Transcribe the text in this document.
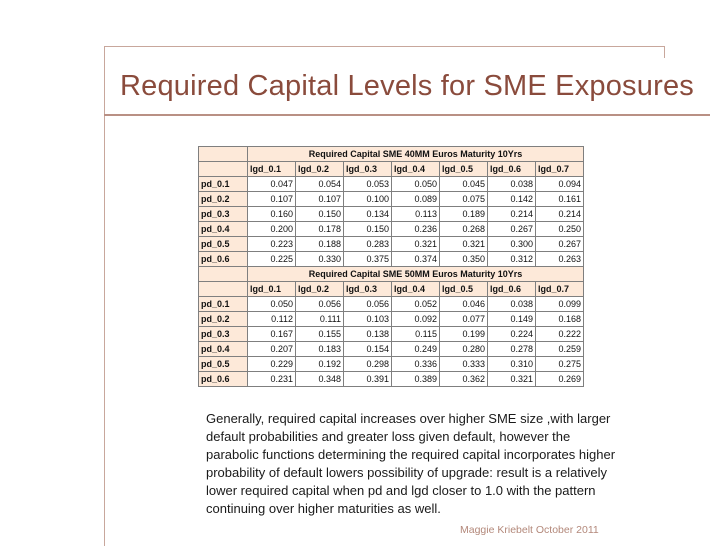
Required Capital Levels for SME Exposures
	Required Capital SME 40MM Euros Maturity 10Yrs						
	lgd_0.1	lgd_0.2	lgd_0.3	lgd_0.4	lgd_0.5	lgd_0.6	lgd_0.7
pd_0.1	0.047	0.054	0.053	0.050	0.045	0.038	0.094
pd_0.2	0.107	0.107	0.100	0.089	0.075	0.142	0.161
pd_0.3	0.160	0.150	0.134	0.113	0.189	0.214	0.214
pd_0.4	0.200	0.178	0.150	0.236	0.268	0.267	0.250
pd_0.5	0.223	0.188	0.283	0.321	0.321	0.300	0.267
pd_0.6	0.225	0.330	0.375	0.374	0.350	0.312	0.263
	Required Capital SME 50MM Euros Maturity 10Yrs						
	lgd_0.1	lgd_0.2	lgd_0.3	lgd_0.4	lgd_0.5	lgd_0.6	lgd_0.7
pd_0.1	0.050	0.056	0.056	0.052	0.046	0.038	0.099
pd_0.2	0.112	0.111	0.103	0.092	0.077	0.149	0.168
pd_0.3	0.167	0.155	0.138	0.115	0.199	0.224	0.222
pd_0.4	0.207	0.183	0.154	0.249	0.280	0.278	0.259
pd_0.5	0.229	0.192	0.298	0.336	0.333	0.310	0.275
pd_0.6	0.231	0.348	0.391	0.389	0.362	0.321	0.269
Generally, required capital increases over higher SME size ,with larger default probabilities and greater loss given default, however the parabolic functions determining the required capital incorporates higher probability of default lowers possibility of upgrade: result is a relatively lower required capital when pd and lgd closer to 1.0 with the pattern continuing over higher maturities as well.
Maggie Kriebelt October 2011
